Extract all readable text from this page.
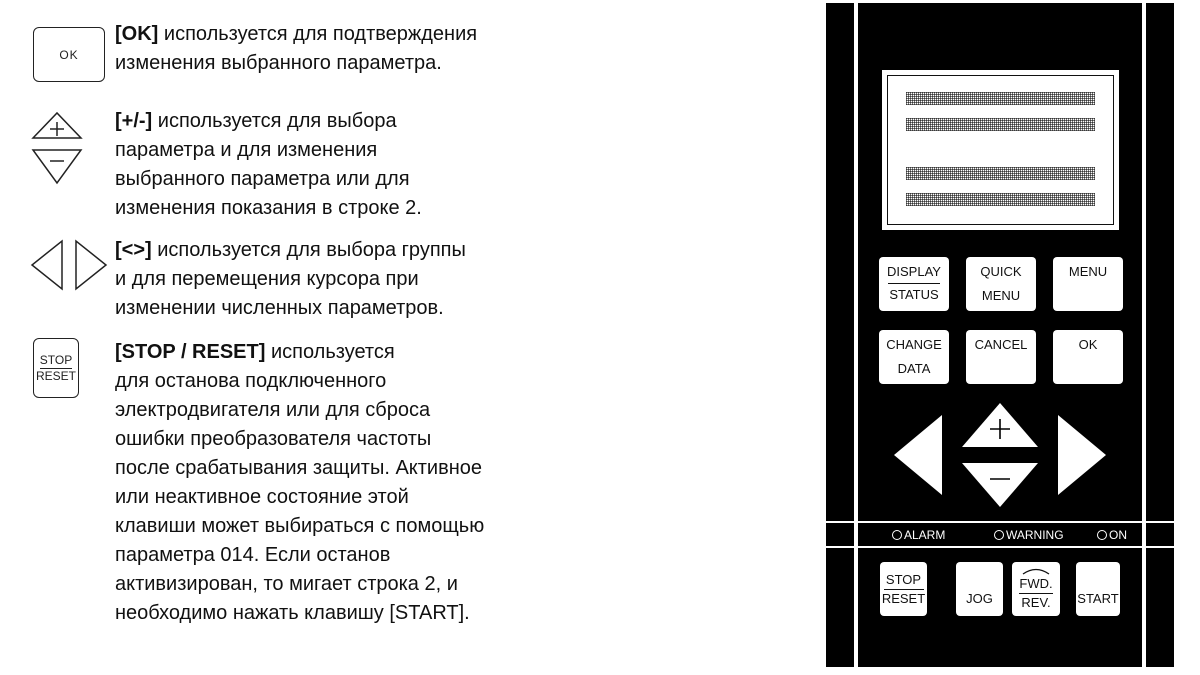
OK
[OK] используется для подтверждения
изменения выбранного параметра.
[+/-] используется для выбора
параметра и для изменения
выбранного параметра или для
изменения показания в строке 2.
[<>] используется для выбора группы
и для перемещения курсора при
изменении численных параметров.
STOP
RESET
[STOP / RESET] используется
для останова подключенного
электродвигателя или для сброса
ошибки преобразователя частоты
после срабатывания защиты. Активное
или неактивное состояние этой
клавиши может выбираться с помощью
параметра 014. Если останов
активизирован, то мигает строка 2, и
необходимо нажать клавишу [START].
DISPLAY
STATUS
QUICK
MENU
MENU
CHANGE
DATA
CANCEL	OK
ALARM	WARNING	ON
STOP
RESET	JOG
FWD.
REV. START
